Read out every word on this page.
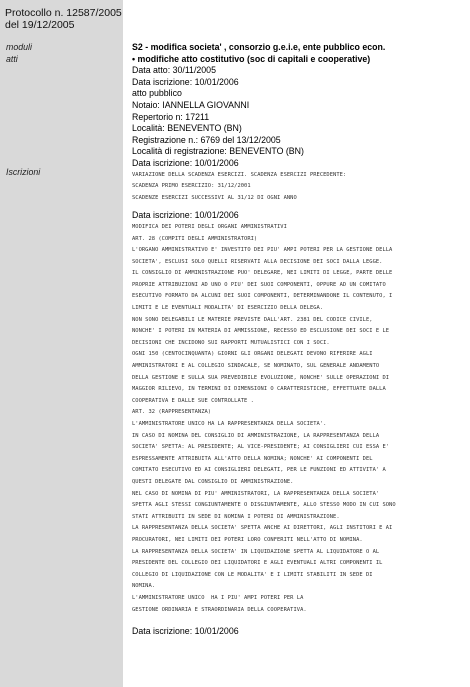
Protocollo n. 12587/2005
del 19/12/2005
moduli
atti
Iscrizioni
S2 - modifica societa' , consorzio g.e.i.e, ente pubblico econ.
• modifiche atto costitutivo (soc di capitali e cooperative)
Data atto: 30/11/2005
Data iscrizione: 10/01/2006
atto pubblico
Notaio: IANNELLA GIOVANNI
Repertorio n: 17211
Località: BENEVENTO (BN)
Registrazione n.: 6769 del 13/12/2005
Località di registrazione: BENEVENTO (BN)
Data iscrizione: 10/01/2006
VARIAZIONE DELLA SCADENZA ESERCIZI. SCADENZA ESERCIZI PRECEDENTE:
SCADENZA PRIMO ESERCIZIO: 31/12/2001
SCADENZE ESERCIZI SUCCESSIVI AL 31/12 DI OGNI ANNO
Data iscrizione: 10/01/2006
MODIFICA DEI POTERI DEGLI ORGANI AMMINISTRATIVI
ART. 28 (COMPITI DEGLI AMMINISTRATORI)
L'ORGANO AMMINISTRATIVO E' INVESTITO DEI PIU' AMPI POTERI PER LA GESTIONE DELLA
SOCIETA', ESCLUSI SOLO QUELLI RISERVATI ALLA DECISIONE DEI SOCI DALLA LEGGE.
IL CONSIGLIO DI AMMINISTRAZIONE PUO' DELEGARE, NEI LIMITI DI LEGGE, PARTE DELLE
PROPRIE ATTRIBUZIONI AD UNO O PIU' DEI SUOI COMPONENTI, OPPURE AD UN COMITATO
ESECUTIVO FORMATO DA ALCUNI DEI SUOI COMPONENTI, DETERMINANDONE IL CONTENUTO, I
LIMITI E LE EVENTUALI MODALITA' DI ESERCIZIO DELLA DELEGA.
NON SONO DELEGABILI LE MATERIE PREVISTE DALL'ART. 2381 DEL CODICE CIVILE,
NONCHE' I POTERI IN MATERIA DI AMMISSIONE, RECESSO ED ESCLUSIONE DEI SOCI E LE
DECISIONI CHE INCIDONO SUI RAPPORTI MUTUALISTICI CON I SOCI.
OGNI 150 (CENTOCINQUANTA) GIORNI GLI ORGANI DELEGATI DEVONO RIFERIRE AGLI
AMMINISTRATORI E AL COLLEGIO SINDACALE, SE NOMINATO, SUL GENERALE ANDAMENTO
DELLA GESTIONE E SULLA SUA PREVEDIBILE EVOLUZIONE, NONCHE' SULLE OPERAZIONI DI
MAGGIOR RILIEVO, IN TERMINI DI DIMENSIONI O CARATTERISTICHE, EFFETTUATE DALLA
COOPERATIVA E DALLE SUE CONTROLLATE .
ART. 32 (RAPPRESENTANZA)
L'AMMINISTRATORE UNICO HA LA RAPPRESENTANZA DELLA SOCIETA'.
IN CASO DI NOMINA DEL CONSIGLIO DI AMMINISTRAZIONE, LA RAPPRESENTANZA DELLA
SOCIETA' SPETTA: AL PRESIDENTE; AL VICE-PRESIDENTE; AI CONSIGLIERI CUI ESSA E'
ESPRESSAMENTE ATTRIBUITA ALL'ATTO DELLA NOMINA; NONCHE' AI COMPONENTI DEL
COMITATO ESECUTIVO ED AI CONSIGLIERI DELEGATI, PER LE FUNZIONI ED ATTIVITA' A
QUESTI DELEGATE DAL CONSIGLIO DI AMMINISTRAZIONE.
NEL CASO DI NOMINA DI PIU' AMMINISTRATORI, LA RAPPRESENTANZA DELLA SOCIETA'
SPETTA AGLI STESSI CONGIUNTAMENTE O DISGIUNTAMENTE, ALLO STESSO MODO IN CUI SONO
STATI ATTRIBUITI IN SEDE DI NOMINA I POTERI DI AMMINISTRAZIONE.
LA RAPPRESENTANZA DELLA SOCIETA' SPETTA ANCHE AI DIRETTORI, AGLI INSTITORI E AI
PROCURATORI, NEI LIMITI DEI POTERI LORO CONFERITI NELL'ATTO DI NOMINA.
LA RAPPRESENTANZA DELLA SOCIETA' IN LIQUIDAZIONE SPETTA AL LIQUIDATORE O AL
PRESIDENTE DEL COLLEGIO DEI LIQUIDATORI E AGLI EVENTUALI ALTRI COMPONENTI IL
COLLEGIO DI LIQUIDAZIONE CON LE MODALITA' E I LIMITI STABILITI IN SEDE DI
NOMINA.
L'AMMINISTRATORE UNICO  HA I PIU' AMPI POTERI PER LA
GESTIONE ORDINARIA E STRAORDINARIA DELLA COOPERATIVA.
Data iscrizione: 10/01/2006
